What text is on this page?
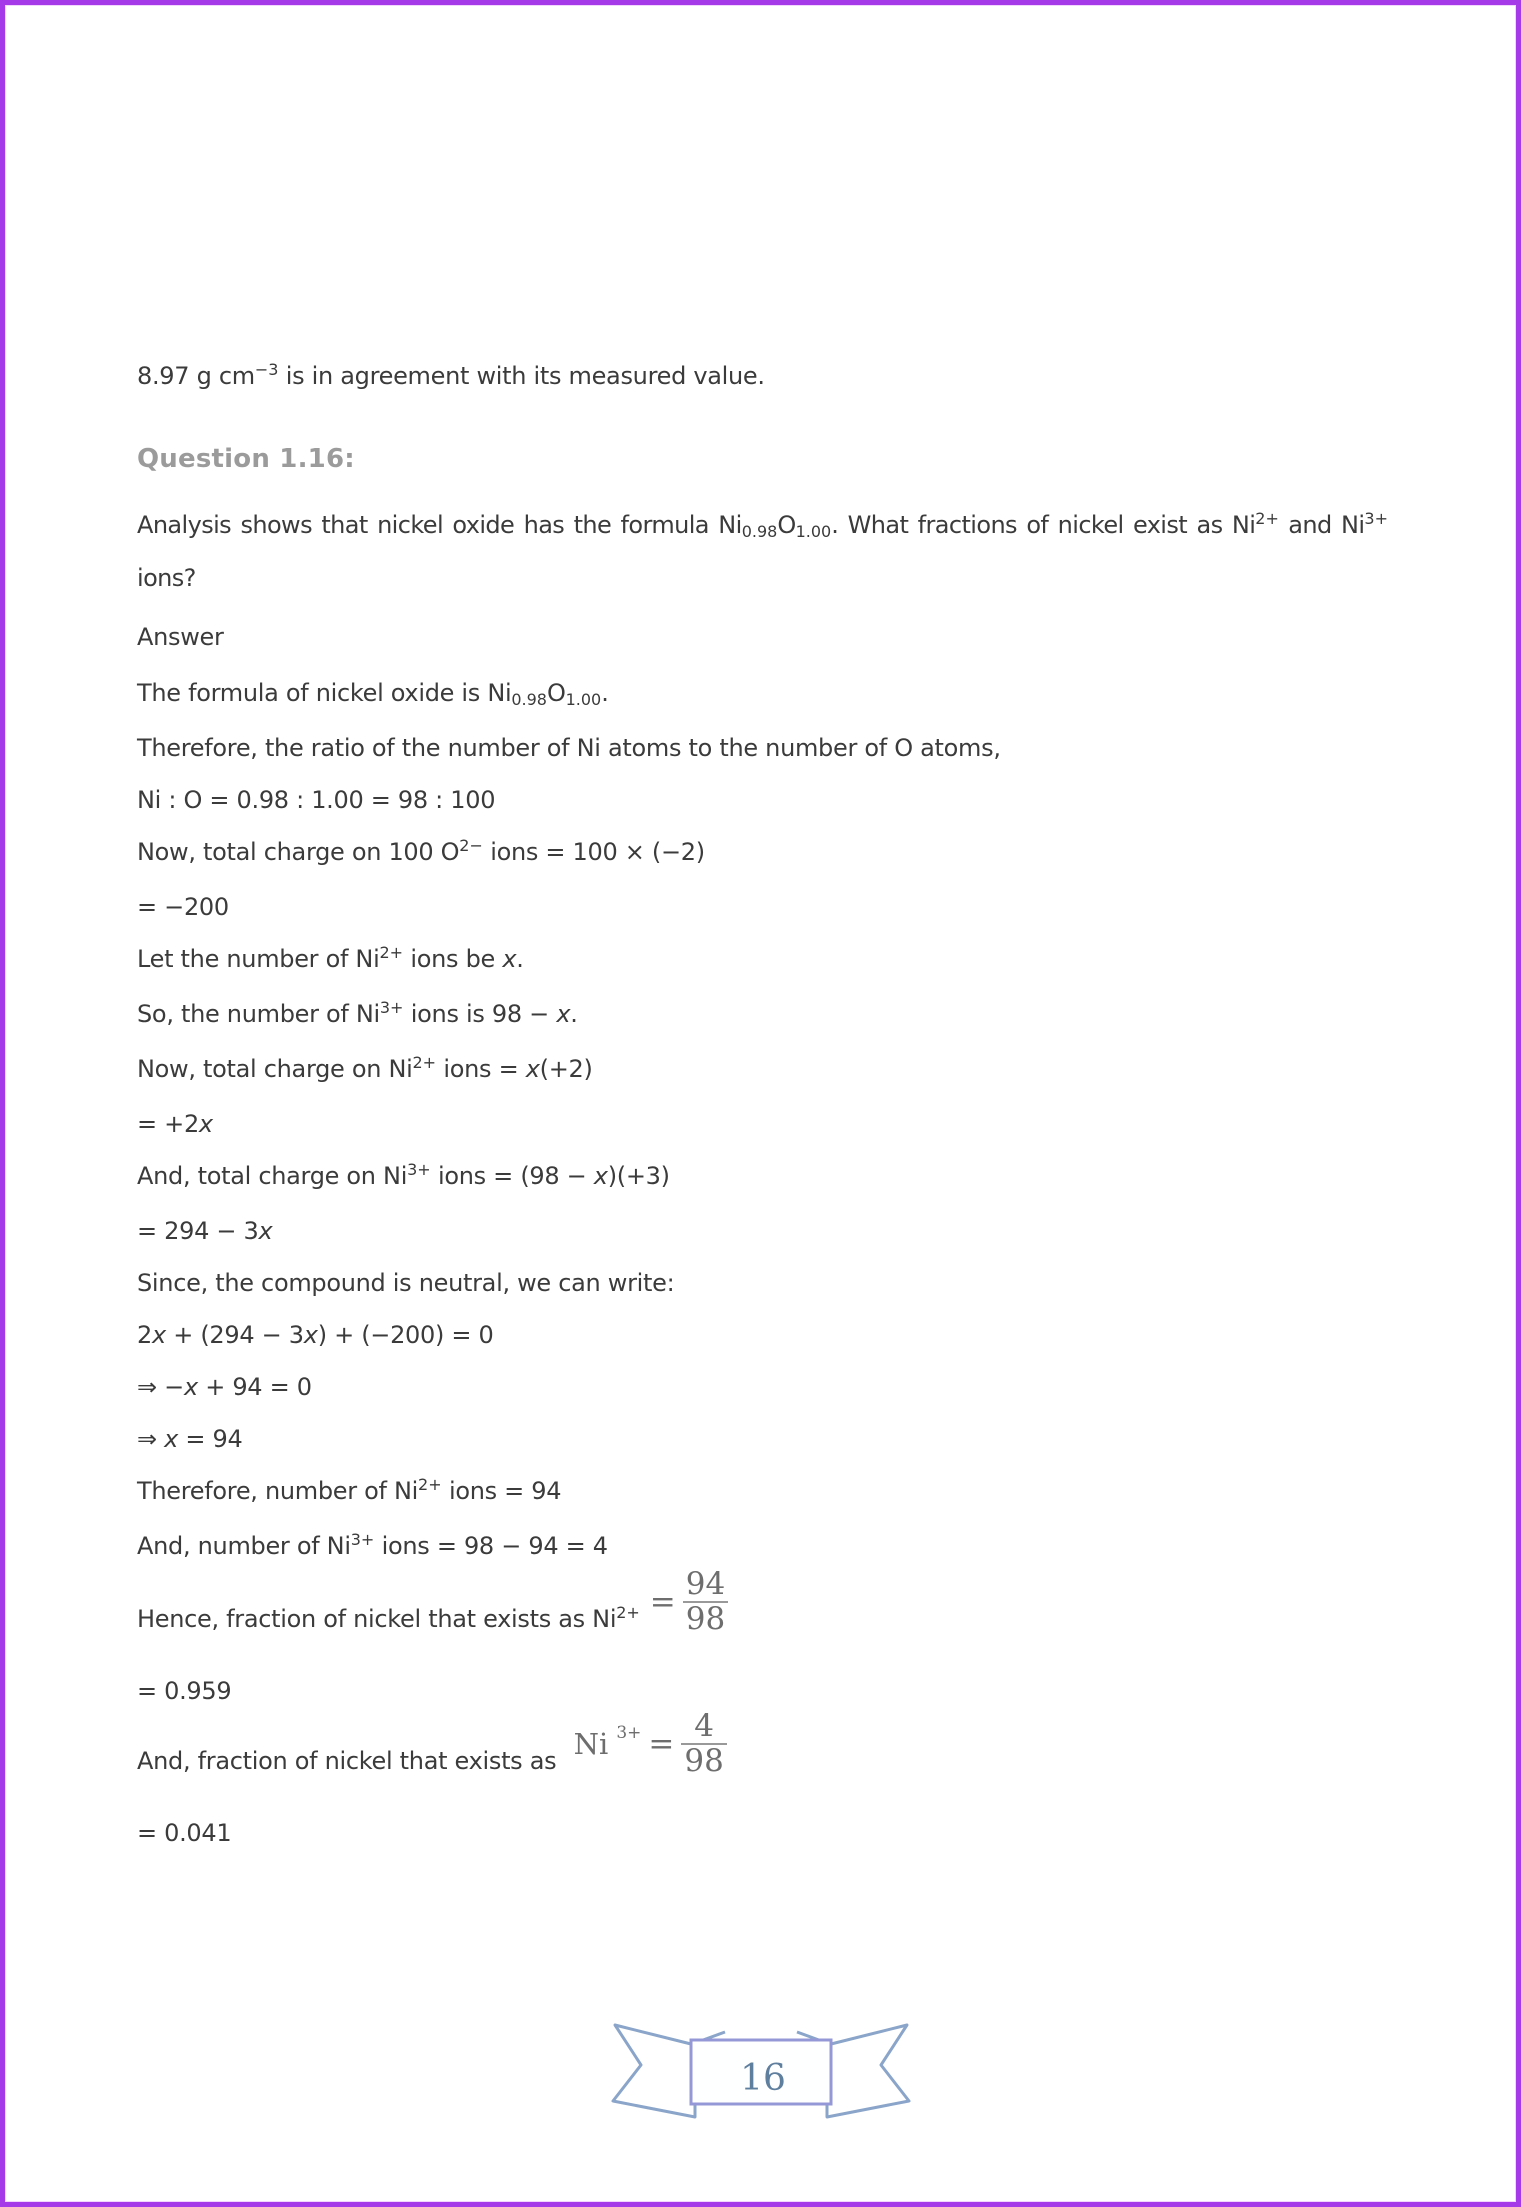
8.97 g $cm^{-3}$ is in agreement with its measured value.
Question 1.16:
Analysis shows that nickel oxide has the formula Ni0.98O1.00. What fractions of nickel exist as $Ni^{2+}$ and $Ni^{3+}$ ions?
Answer
The formula of nickel oxide is Ni0.98O1.00.
Therefore, the ratio of the number of Ni atoms to the number of O atoms,
Ni : O = 0.98 : 1.00 = 98 : 100
Now, total charge on 100 $O^{2-}$ ions = 100 × (−2)
= −200
Let the number of $Ni^{2+}$ ions be x.
So, the number of $Ni^{3+}$ ions is 98 − x.
Now, total charge on $Ni^{2+}$ ions = x(+2)
= +2x
And, total charge on $Ni^{3+}$ ions = (98 − x)(+3)
= 294 − 3x
Since, the compound is neutral, we can write:
2x + (294 − 3x) + (−200) = 0
⇒ −x + 94 = 0
⇒ x = 94
Therefore, number of $Ni^{2+}$ ions = 94
And, number of $Ni^{3+}$ ions = 98 − 94 = 4
Hence, fraction of nickel that exists as $Ni^{2+} = \frac{94}{98}$
= 0.959
And, fraction of nickel that exists as Ni $3+ = \frac{4}{98}$
= 0.041
16
